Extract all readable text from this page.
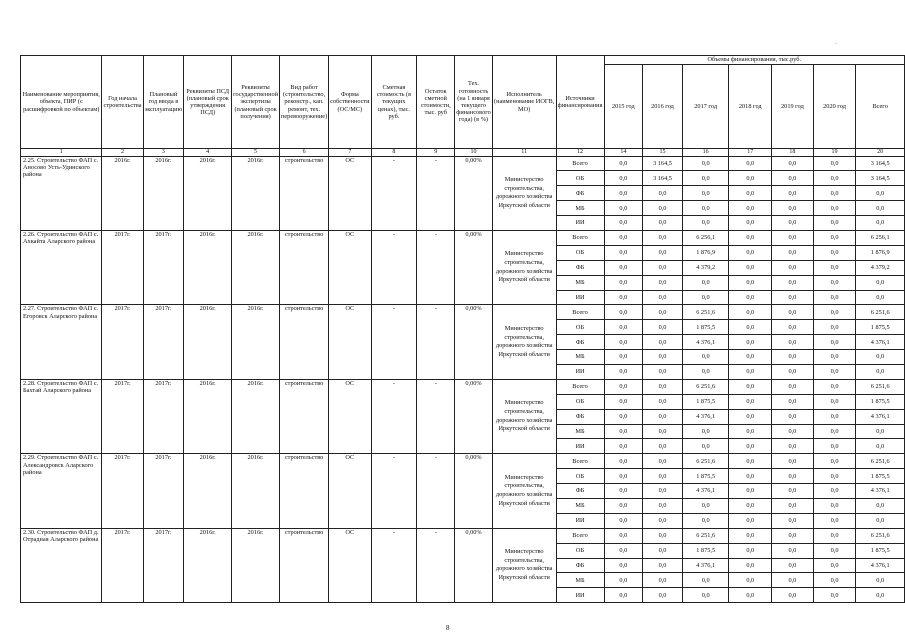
Наименование мероприятия, объекта, ПИР (с расшифровкой по объектам)	Год начала строительства	Плановый год ввода в эксплуатацию	Реквизиты ПСД (плановый срок утверждения ПСД)	Реквизиты государственной экспертизы (плановый срок получения)	Вид работ (строительство, реконстр., кап. ремонт, тех. перевооружение)	Форма собственности (ОС/МС)	Сметная стоимость (в текущих ценах), тыс. руб.	Остаток сметной стоимости, тыс. руб	Тех. готовность (на 1 января текущего финансового года) (в %)	Исполнитель (наименование ИОГВ, МО)	Источники финансирования	Объемы финансирования, тыс.руб.						
												2015 год	2016 год	2017 год	2018 год	2019 год	2020 год	Всего
1	2	3	4	5	6	7	8	9	10	11	12	14	15	16	17	18	19	20
2.25. Строительство ФАП с. Аносово Усть-Удинского района	2016г.	2016г.	2016г.	2016г.	строительство	ОС	-	-	0,00%	Министерство строительства, дорожного хозяйства Иркутской области	Всего	0,0	3 164,5	0,0	0,0	0,0	0,0	3 164,5
											ОБ	0,0	3 164,5	0,0	0,0	0,0	0,0	3 164,5
											ФБ	0,0	0,0	0,0	0,0	0,0	0,0	0,0
											МБ	0,0	0,0	0,0	0,0	0,0	0,0	0,0
											ИИ	0,0	0,0	0,0	0,0	0,0	0,0	0,0
2.26. Строительство ФАП с. Ахкайта Аларского района	2017г.	2017г.	2016г.	2016г.	строительство	ОС	-	-	0,00%	Министерство строительства, дорожного хозяйства Иркутской области	Всего	0,0	0,0	6 256,1	0,0	0,0	0,0	6 256,1
											ОБ	0,0	0,0	1 876,9	0,0	0,0	0,0	1 876,9
											ФБ	0,0	0,0	4 379,2	0,0	0,0	0,0	4 379,2
											МБ	0,0	0,0	0,0	0,0	0,0	0,0	0,0
											ИИ	0,0	0,0	0,0	0,0	0,0	0,0	0,0
2.27. Строительство ФАП с. Егоровск Аларского района	2017г.	2017г.	2016г.	2016г.	строительство	ОС	-	-	0,00%	Министерство строительства, дорожного хозяйства Иркутской области	Всего	0,0	0,0	6 251,6	0,0	0,0	0,0	6 251,6
											ОБ	0,0	0,0	1 875,5	0,0	0,0	0,0	1 875,5
											ФБ	0,0	0,0	4 376,1	0,0	0,0	0,0	4 376,1
											МБ	0,0	0,0	0,0	0,0	0,0	0,0	0,0
											ИИ	0,0	0,0	0,0	0,0	0,0	0,0	0,0
2.28. Строительство ФАП с. Бахтай Аларского района	2017г.	2017г.	2016г.	2016г.	строительство	ОС	-	-	0,00%	Министерство строительства, дорожного хозяйства Иркутской области	Всего	0,0	0,0	6 251,6	0,0	0,0	0,0	6 251,6
											ОБ	0,0	0,0	1 875,5	0,0	0,0	0,0	1 875,5
											ФБ	0,0	0,0	4 376,1	0,0	0,0	0,0	4 376,1
											МБ	0,0	0,0	0,0	0,0	0,0	0,0	0,0
											ИИ	0,0	0,0	0,0	0,0	0,0	0,0	0,0
2.29. Строительство ФАП с. Александровск Аларского района	2017г.	2017г.	2016г.	2016г.	строительство	ОС	-	-	0,00%	Министерство строительства, дорожного хозяйства Иркутской области	Всего	0,0	0,0	6 251,6	0,0	0,0	0,0	6 251,6
											ОБ	0,0	0,0	1 875,5	0,0	0,0	0,0	1 875,5
											ФБ	0,0	0,0	4 376,1	0,0	0,0	0,0	4 376,1
											МБ	0,0	0,0	0,0	0,0	0,0	0,0	0,0
											ИИ	0,0	0,0	0,0	0,0	0,0	0,0	0,0
2.30. Строительство ФАП д. Отрадная Аларского района	2017г.	2017г.	2016г.	2016г.	строительство	ОС	-	-	0,00%	Министерство строительства, дорожного хозяйства Иркутской области	Всего	0,0	0,0	6 251,6	0,0	0,0	0,0	6 251,6
											ОБ	0,0	0,0	1 875,5	0,0	0,0	0,0	1 875,5
											ФБ	0,0	0,0	4 376,1	0,0	0,0	0,0	4 376,1
											МБ	0,0	0,0	0,0	0,0	0,0	0,0	0,0
											ИИ	0,0	0,0	0,0	0,0	0,0	0,0	0,0
·
8
